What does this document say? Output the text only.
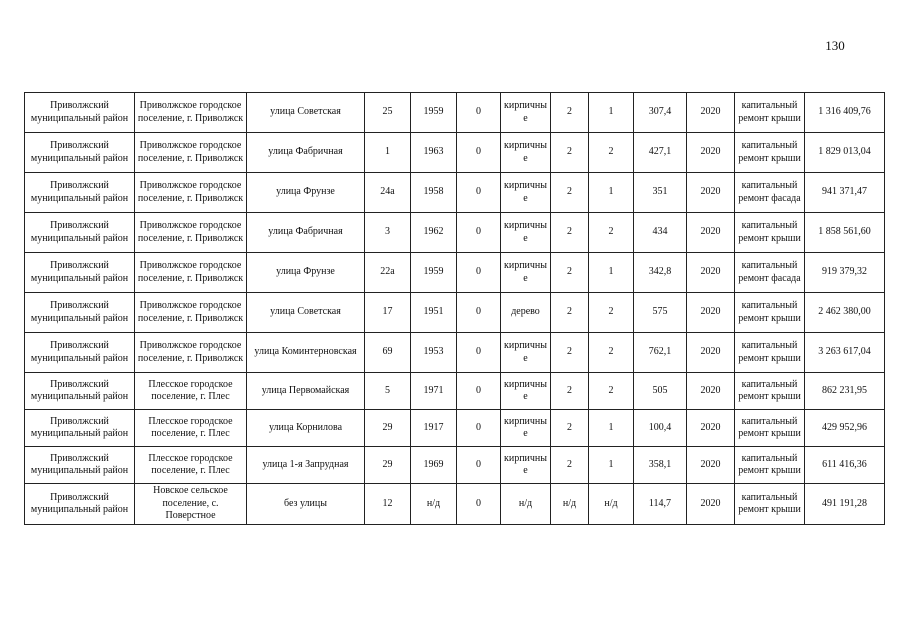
130
Приволжский муниципальный район	Приволжское городское поселение, г. Приволжск	улица Советская	25	1959	0	кирпичны е	2	1	307,4	2020	капитальный ремонт крыши	1 316 409,76
Приволжский муниципальный район	Приволжское городское поселение, г. Приволжск	улица Фабричная	1	1963	0	кирпичны е	2	2	427,1	2020	капитальный ремонт крыши	1 829 013,04
Приволжский муниципальный район	Приволжское городское поселение, г. Приволжск	улица Фрунзе	24а	1958	0	кирпичны е	2	1	351	2020	капитальный ремонт фасада	941 371,47
Приволжский муниципальный район	Приволжское городское поселение, г. Приволжск	улица Фабричная	3	1962	0	кирпичны е	2	2	434	2020	капитальный ремонт крыши	1 858 561,60
Приволжский муниципальный район	Приволжское городское поселение, г. Приволжск	улица Фрунзе	22а	1959	0	кирпичны е	2	1	342,8	2020	капитальный ремонт фасада	919 379,32
Приволжский муниципальный район	Приволжское городское поселение, г. Приволжск	улица Советская	17	1951	0	дерево	2	2	575	2020	капитальный ремонт крыши	2 462 380,00
Приволжский муниципальный район	Приволжское городское поселение, г. Приволжск	улица Коминтерновская	69	1953	0	кирпичны е	2	2	762,1	2020	капитальный ремонт крыши	3 263 617,04
Приволжский муниципальный район	Плесское городское поселение, г. Плес	улица Первомайская	5	1971	0	кирпичны е	2	2	505	2020	капитальный ремонт крыши	862 231,95
Приволжский муниципальный район	Плесское городское поселение, г. Плес	улица Корнилова	29	1917	0	кирпичны е	2	1	100,4	2020	капитальный ремонт крыши	429 952,96
Приволжский муниципальный район	Плесское городское поселение, г. Плес	улица 1-я Запрудная	29	1969	0	кирпичны е	2	1	358,1	2020	капитальный ремонт крыши	611 416,36
Приволжский муниципальный район	Новское сельское поселение, с. Поверстное	без улицы	12	н/д	0	н/д	н/д	н/д	114,7	2020	капитальный ремонт крыши	491 191,28
